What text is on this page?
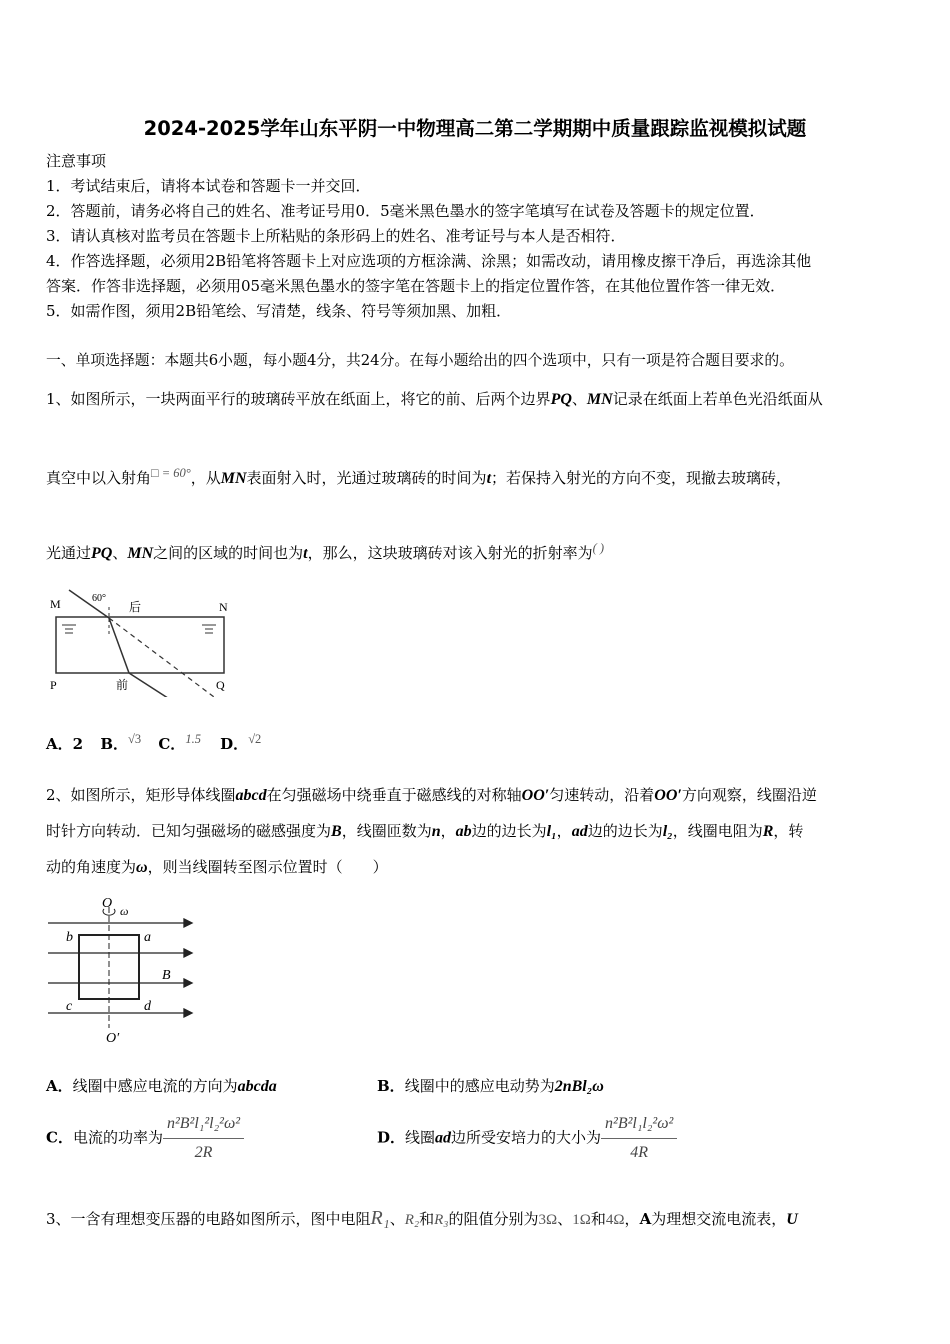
2024-2025学年山东平阴一中物理高二第二学期期中质量跟踪监视模拟试题
注意事项
1．考试结束后，请将本试卷和答题卡一并交回．
2．答题前，请务必将自己的姓名、准考证号用0．5毫米黑色墨水的签字笔填写在试卷及答题卡的规定位置．
3．请认真核对监考员在答题卡上所粘贴的条形码上的姓名、准考证号与本人是否相符．
4．作答选择题，必须用2B铅笔将答题卡上对应选项的方框涂满、涂黑；如需改动，请用橡皮擦干净后，再选涂其他
答案．作答非选择题，必须用05毫米黑色墨水的签字笔在答题卡上的指定位置作答，在其他位置作答一律无效．
5．如需作图，须用2B铅笔绘、写清楚，线条、符号等须加黑、加粗．
一、单项选择题：本题共6小题，每小题4分，共24分。在每小题给出的四个选项中，只有一项是符合题目要求的。
1、如图所示，一块两面平行的玻璃砖平放在纸面上，将它的前、后两个边界PQ、MN记录在纸面上若单色光沿纸面从
真空中以入射角$^{□ = 60^\circ}$，从MN表面射入时，光通过玻璃砖的时间为t；若保持入射光的方向不变，现撤去玻璃砖，
光通过PQ、MN之间的区域的时间也为t，那么，这块玻璃砖对该入射光的折射率为( )
M	N
P	Q
后
前
60°
A．2 B．$^{√3}$ C．$^{1.5}$ D．$^{√2}$
2、如图所示，矩形导体线圈abcd在匀强磁场中绕垂直于磁感线的对称轴OO′匀速转动，沿着OO′方向观察，线圈沿逆
时针方向转动．已知匀强磁场的磁感强度为B，线圈匝数为n，ab边的边长为l₁，ad边的边长为l₂，线圈电阻为R，转
动的角速度为ω，则当线圈转至图示位置时（　　）
O
O′
ω
b	a
c	d
B
A．线圈中感应电流的方向为abcda	B．线圈中的感应电动势为2nBl₂ω
C．电流的功率为 $\frac{\text{n²B²l₁²l₂²ω²}}{2R}$	D．线圈ad边所受安培力的大小为 $\frac{\text{n²B²l₁l₂²ω²}}{4R}$
3、一含有理想变压器的电路如图所示，图中电阻R₁、R₂和R₃的阻值分别为3Ω、1Ω和4Ω，A为理想交流电流表，U
